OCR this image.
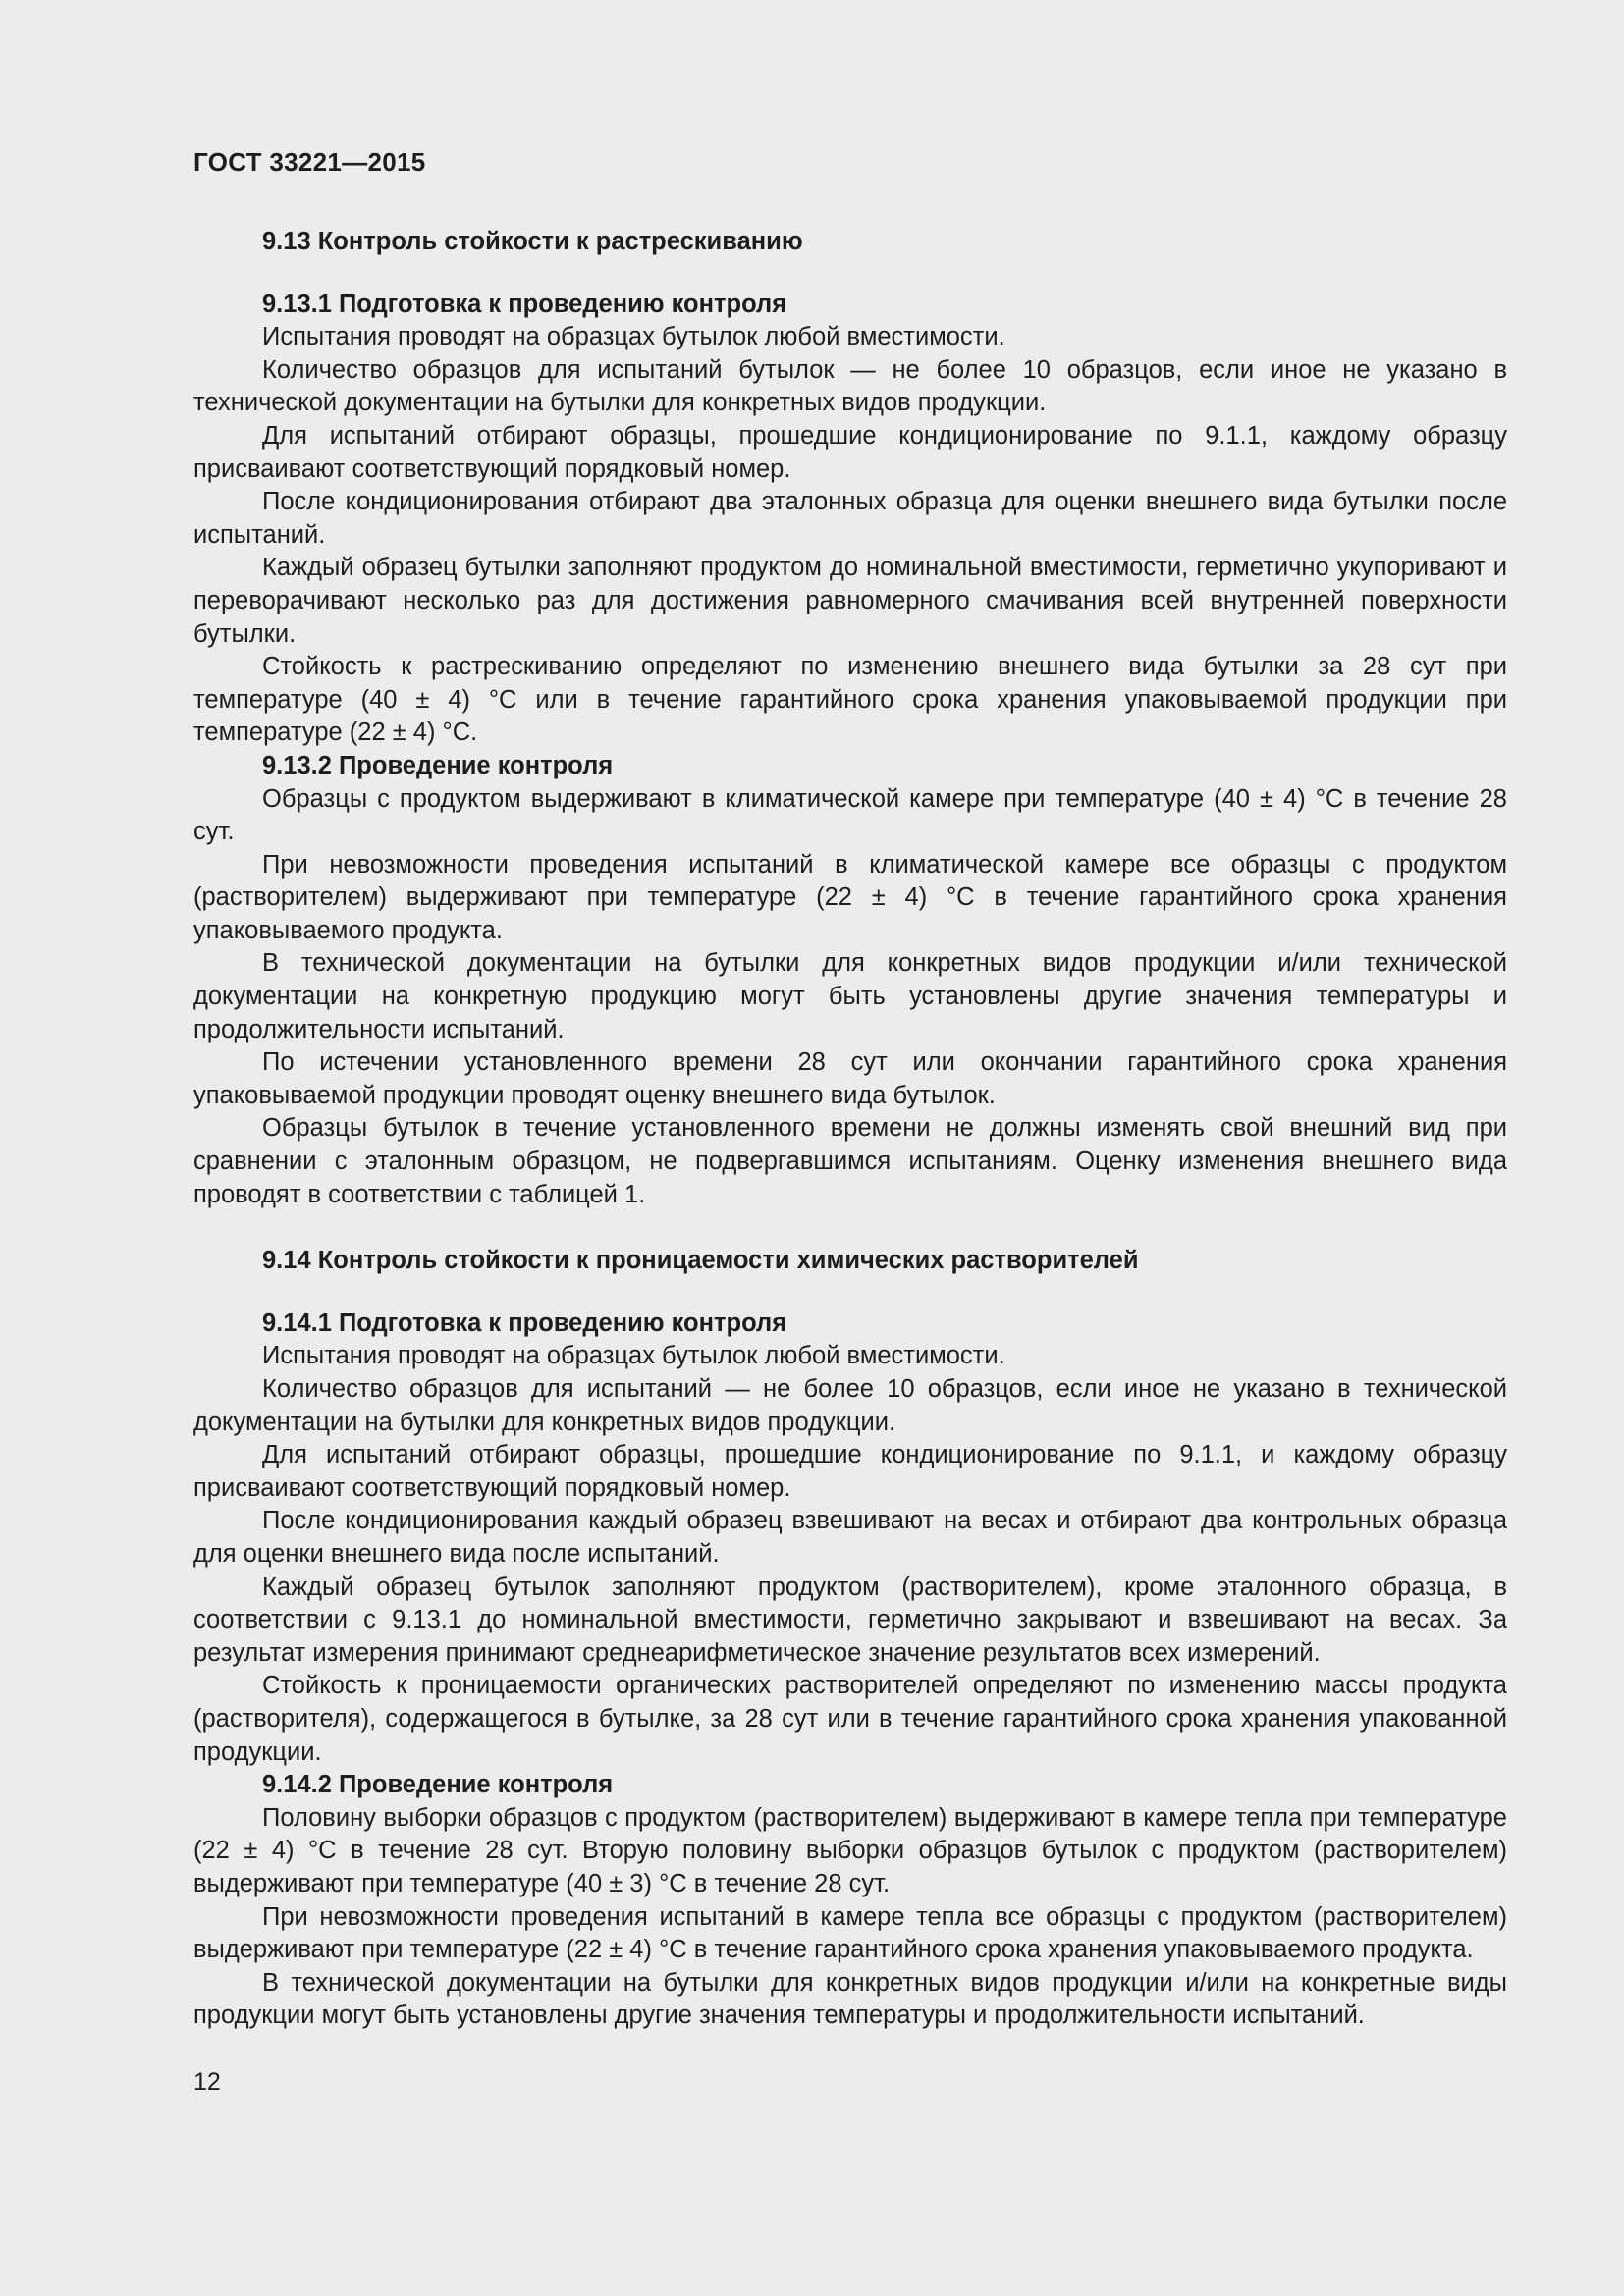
ГОСТ 33221—2015
9.13 Контроль стойкости к растрескиванию
9.13.1 Подготовка к проведению контроля
Испытания проводят на образцах бутылок любой вместимости.
Количество образцов для испытаний бутылок — не более 10 образцов, если иное не указано в технической документации на бутылки для конкретных видов продукции.
Для испытаний отбирают образцы, прошедшие кондиционирование по 9.1.1, каждому образцу присваивают соответствующий порядковый номер.
После кондиционирования отбирают два эталонных образца для оценки внешнего вида бутылки после испытаний.
Каждый образец бутылки заполняют продуктом до номинальной вместимости, герметично укупоривают и переворачивают несколько раз для достижения равномерного смачивания всей внутренней поверхности бутылки.
Стойкость к растрескиванию определяют по изменению внешнего вида бутылки за 28 сут при температуре (40 ± 4) °С или в течение гарантийного срока хранения упаковываемой продукции при температуре (22 ± 4) °С.
9.13.2 Проведение контроля
Образцы с продуктом выдерживают в климатической камере при температуре (40 ± 4) °С в течение 28 сут.
При невозможности проведения испытаний в климатической камере все образцы с продуктом (растворителем) выдерживают при температуре (22 ± 4) °С в течение гарантийного срока хранения упаковываемого продукта.
В технической документации на бутылки для конкретных видов продукции и/или технической документации на конкретную продукцию могут быть установлены другие значения температуры и продолжительности испытаний.
По истечении установленного времени 28 сут или окончании гарантийного срока хранения упаковываемой продукции проводят оценку внешнего вида бутылок.
Образцы бутылок в течение установленного времени не должны изменять свой внешний вид при сравнении с эталонным образцом, не подвергавшимся испытаниям. Оценку изменения внешнего вида проводят в соответствии с таблицей 1.
9.14 Контроль стойкости к проницаемости химических растворителей
9.14.1 Подготовка к проведению контроля
Испытания проводят на образцах бутылок любой вместимости.
Количество образцов для испытаний — не более 10 образцов, если иное не указано в технической документации на бутылки для конкретных видов продукции.
Для испытаний отбирают образцы, прошедшие кондиционирование по 9.1.1, и каждому образцу присваивают соответствующий порядковый номер.
После кондиционирования каждый образец взвешивают на весах и отбирают два контрольных образца для оценки внешнего вида после испытаний.
Каждый образец бутылок заполняют продуктом (растворителем), кроме эталонного образца, в соответствии с 9.13.1 до номинальной вместимости, герметично закрывают и взвешивают на весах. За результат измерения принимают среднеарифметическое значение результатов всех измерений.
Стойкость к проницаемости органических растворителей определяют по изменению массы продукта (растворителя), содержащегося в бутылке, за 28 сут или в течение гарантийного срока хранения упакованной продукции.
9.14.2 Проведение контроля
Половину выборки образцов с продуктом (растворителем) выдерживают в камере тепла при температуре (22 ± 4) °С в течение 28 сут. Вторую половину выборки образцов бутылок с продуктом (растворителем) выдерживают при температуре (40 ± 3) °С в течение 28 сут.
При невозможности проведения испытаний в камере тепла все образцы с продуктом (растворителем) выдерживают при температуре (22 ± 4) °С в течение гарантийного срока хранения упаковываемого продукта.
В технической документации на бутылки для конкретных видов продукции и/или на конкретные виды продукции могут быть установлены другие значения температуры и продолжительности испытаний.
12
